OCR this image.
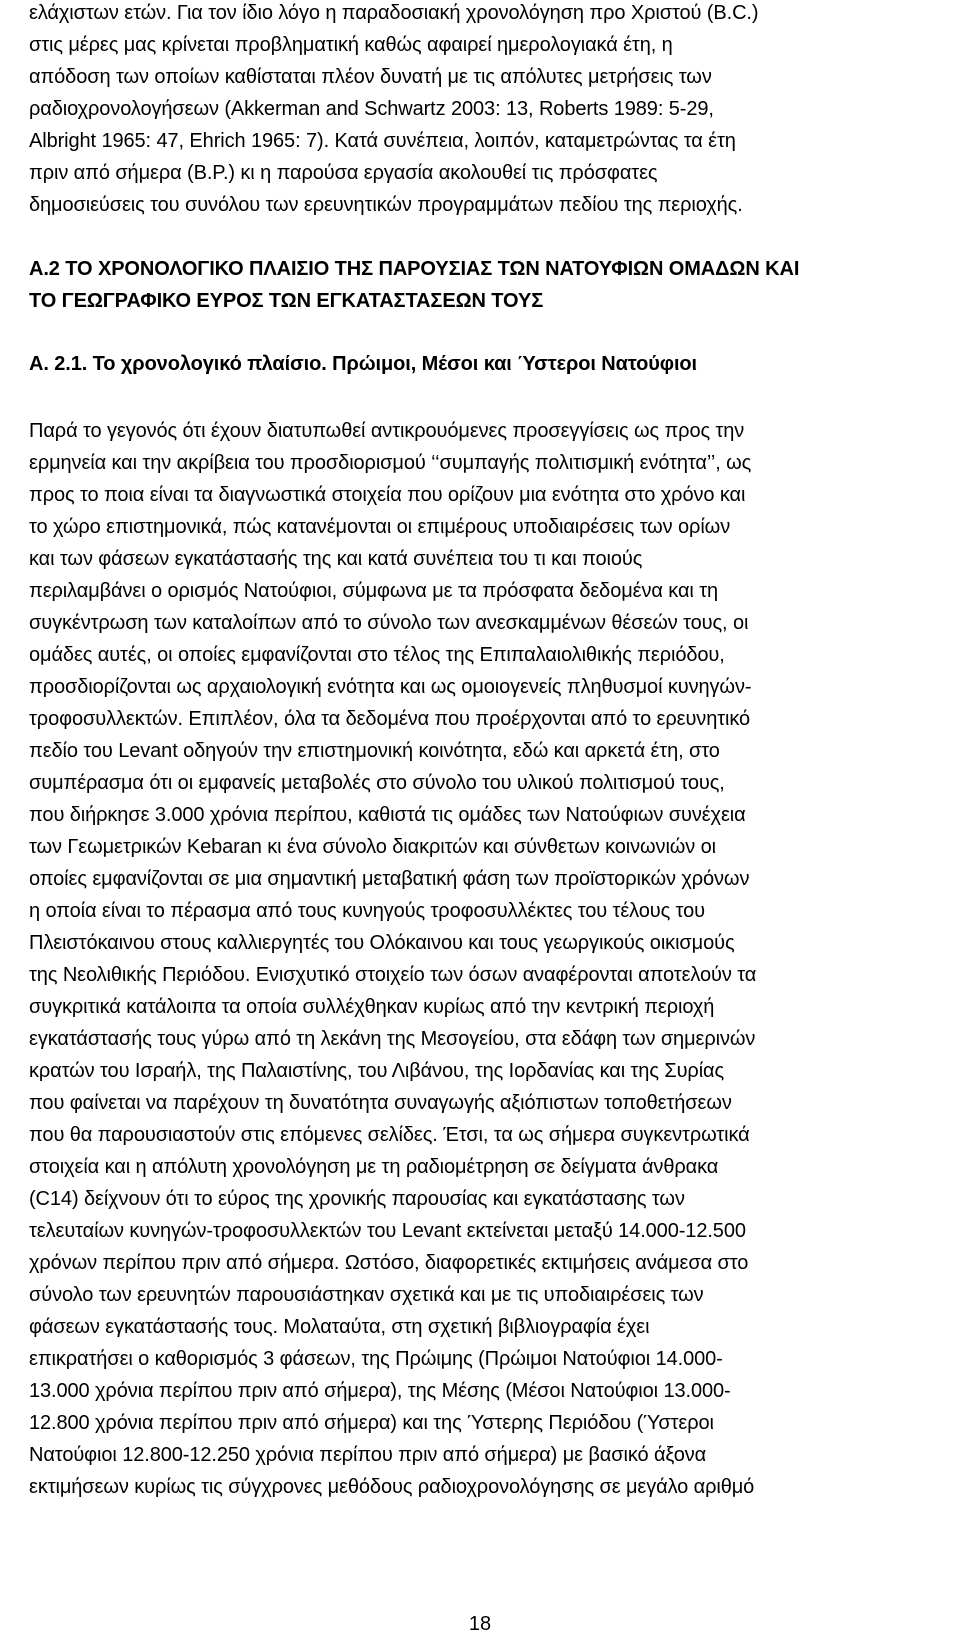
ελάχιστων ετών. Για τον ίδιο λόγο η παραδοσιακή χρονολόγηση προ Χριστού (B.C.)
στις μέρες μας κρίνεται προβληματική καθώς αφαιρεί ημερολογιακά έτη, η
απόδοση των οποίων καθίσταται πλέον δυνατή με τις απόλυτες μετρήσεις των
ραδιοχρονολογήσεων (Akkerman and Schwartz 2003: 13, Roberts 1989: 5-29,
Albright 1965: 47, Ehrich 1965: 7). Κατά συνέπεια, λοιπόν, καταμετρώντας τα έτη
πριν από σήμερα (B.P.) κι η παρούσα εργασία ακολουθεί τις πρόσφατες
δημοσιεύσεις του συνόλου των ερευνητικών προγραμμάτων πεδίου της περιοχής.
Α.2 ΤΟ ΧΡΟΝΟΛΟΓΙΚΟ ΠΛΑΙΣΙΟ ΤΗΣ ΠΑΡΟΥΣΙΑΣ ΤΩΝ ΝΑΤΟΥΦΙΩΝ ΟΜΑΔΩΝ ΚΑΙ
ΤΟ ΓΕΩΓΡΑΦΙΚΟ ΕΥΡΟΣ ΤΩΝ ΕΓΚΑΤΑΣΤΑΣΕΩΝ ΤΟΥΣ
Α. 2.1. Το χρονολογικό πλαίσιο. Πρώιμοι, Μέσοι και Ύστεροι Νατούφιοι
Παρά το γεγονός ότι έχουν διατυπωθεί αντικρουόμενες προσεγγίσεις ως προς την
ερμηνεία και την ακρίβεια του προσδιορισμού ‘‘συμπαγής πολιτισμική ενότητα’’, ως
προς το ποια είναι τα διαγνωστικά στοιχεία που ορίζουν μια ενότητα στο χρόνο και
το χώρο επιστημονικά, πώς κατανέμονται οι επιμέρους υποδιαιρέσεις των ορίων
και των φάσεων εγκατάστασής της και κατά συνέπεια του τι και ποιούς
περιλαμβάνει ο ορισμός Νατούφιοι, σύμφωνα με τα πρόσφατα δεδομένα και τη
συγκέντρωση των καταλοίπων από το σύνολο των ανεσκαμμένων θέσεών τους, οι
ομάδες αυτές, οι οποίες εμφανίζονται στο τέλος της Επιπαλαιολιθικής περιόδου,
προσδιορίζονται ως αρχαιολογική ενότητα και ως ομοιογενείς πληθυσμοί κυνηγών-
τροφοσυλλεκτών. Επιπλέον, όλα τα δεδομένα που προέρχονται από το ερευνητικό
πεδίο του Levant οδηγούν την επιστημονική κοινότητα, εδώ και αρκετά έτη, στο
συμπέρασμα ότι οι εμφανείς μεταβολές στο σύνολο του υλικού πολιτισμού τους,
που διήρκησε 3.000 χρόνια περίπου, καθιστά τις ομάδες των Νατούφιων συνέχεια
των Γεωμετρικών Kebaran κι ένα σύνολο διακριτών και σύνθετων κοινωνιών οι
οποίες εμφανίζονται σε μια σημαντική μεταβατική φάση των προϊστορικών χρόνων
η οποία είναι το πέρασμα από τους κυνηγούς τροφοσυλλέκτες του τέλους του
Πλειστόκαινου στους καλλιεργητές του Ολόκαινου και τους γεωργικούς οικισμούς
της Νεολιθικής Περιόδου. Ενισχυτικό στοιχείο των όσων αναφέρονται αποτελούν τα
συγκριτικά κατάλοιπα τα οποία συλλέχθηκαν κυρίως από την κεντρική περιοχή
εγκατάστασής τους γύρω από τη λεκάνη της Μεσογείου, στα εδάφη των σημερινών
κρατών του Ισραήλ, της Παλαιστίνης, του Λιβάνου, της Ιορδανίας και της Συρίας
που φαίνεται να παρέχουν τη δυνατότητα συναγωγής αξιόπιστων τοποθετήσεων
που θα παρουσιαστούν στις επόμενες σελίδες. Έτσι, τα ως σήμερα συγκεντρωτικά
στοιχεία και η απόλυτη χρονολόγηση με τη ραδιομέτρηση σε δείγματα άνθρακα
(C14) δείχνουν ότι το εύρος της χρονικής παρουσίας και εγκατάστασης των
τελευταίων κυνηγών-τροφοσυλλεκτών του Levant εκτείνεται μεταξύ 14.000-12.500
χρόνων περίπου πριν από σήμερα. Ωστόσο, διαφορετικές εκτιμήσεις ανάμεσα στο
σύνολο των ερευνητών παρουσιάστηκαν σχετικά και με τις υποδιαιρέσεις των
φάσεων εγκατάστασής τους. Μολαταύτα, στη σχετική βιβλιογραφία έχει
επικρατήσει ο καθορισμός 3 φάσεων, της Πρώιμης (Πρώιμοι Νατούφιοι 14.000-
13.000 χρόνια περίπου πριν από σήμερα), της Μέσης (Μέσοι Νατούφιοι 13.000-
12.800 χρόνια περίπου πριν από σήμερα) και της Ύστερης Περιόδου (Ύστεροι
Νατούφιοι 12.800-12.250 χρόνια περίπου πριν από σήμερα) με βασικό άξονα
εκτιμήσεων κυρίως τις σύγχρονες μεθόδους ραδιοχρονολόγησης σε μεγάλο αριθμό
18
